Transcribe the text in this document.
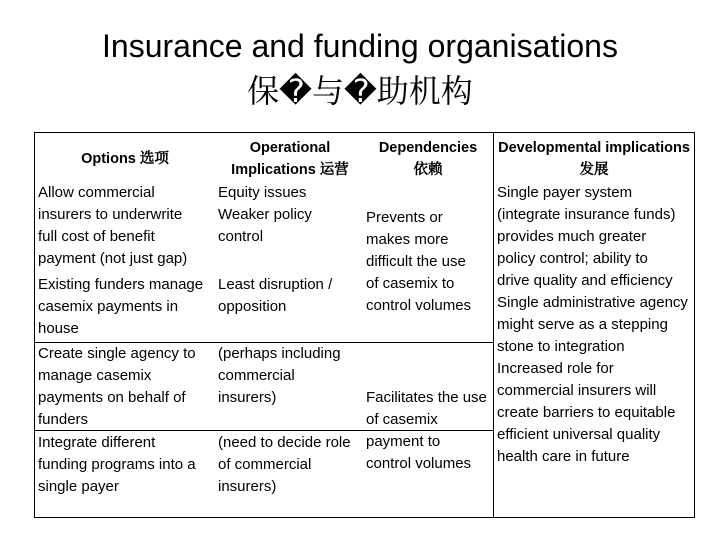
Insurance and funding organisations
保�与�助机构
Options 选项
Operational
Implications 运营
Dependencies
依赖
Developmental implications
发展
Allow commercial
insurers to underwrite
full cost of benefit
payment (not just gap)
Existing funders manage
casemix payments in
house
Create single agency to
manage casemix
payments on behalf of
funders
Integrate different
funding programs into a
single payer
Equity issues
Weaker policy
control
Least disruption /
opposition
(perhaps including
commercial
insurers)
(need to decide role
of commercial
insurers)
Prevents or
makes more
difficult the use
of casemix to
control volumes
Facilitates the use
of casemix
payment to
control volumes
Single payer system
(integrate insurance funds)
provides much greater
policy control; ability to
drive quality and efficiency
Single administrative agency
might serve as a stepping
stone to integration
Increased role for
commercial insurers will
create barriers to equitable
efficient universal quality
health care in future
